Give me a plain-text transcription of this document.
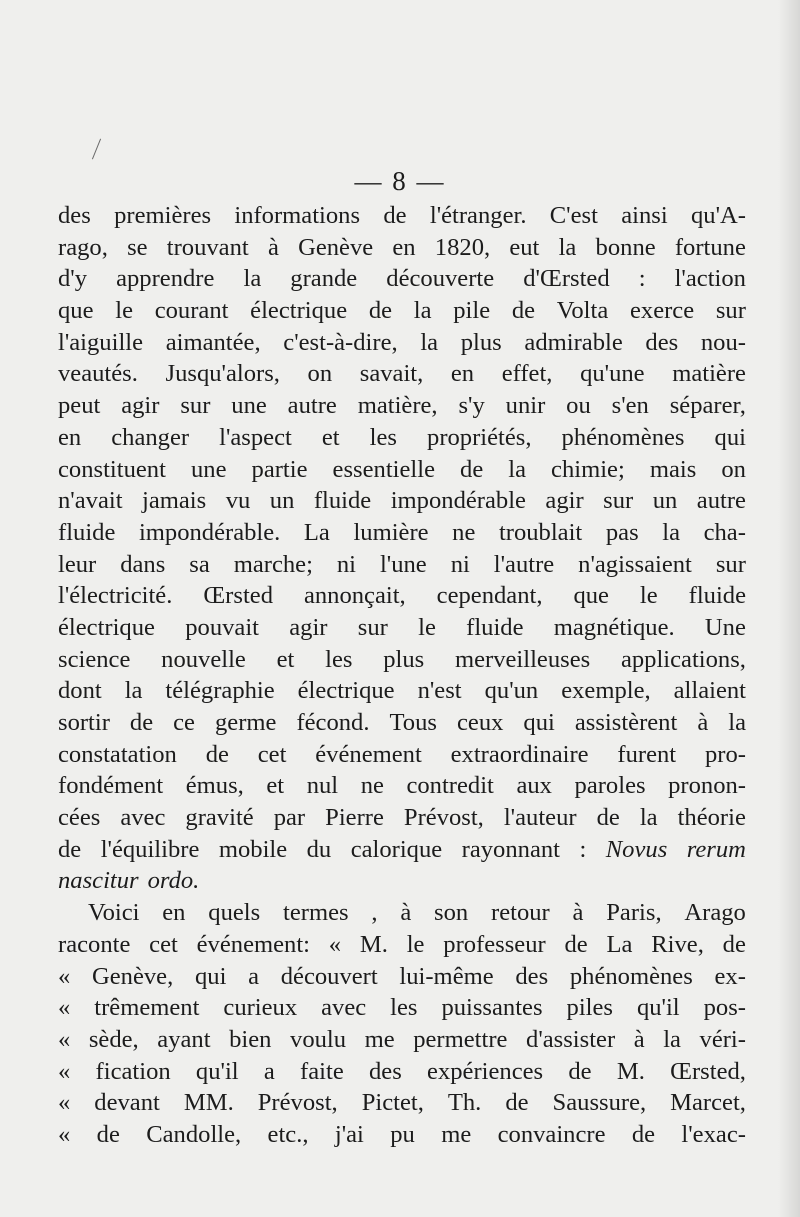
— 8 —
des premières informations de l'étranger. C'est ainsi qu'A-
rago, se trouvant à Genève en 1820, eut la bonne fortune
d'y apprendre la grande découverte d'Œrsted : l'action
que le courant électrique de la pile de Volta exerce sur
l'aiguille aimantée, c'est-à-dire, la plus admirable des nou-
veautés. Jusqu'alors, on savait, en effet, qu'une matière
peut agir sur une autre matière, s'y unir ou s'en séparer,
en changer l'aspect et les propriétés, phénomènes qui
constituent une partie essentielle de la chimie; mais on
n'avait jamais vu un fluide impondérable agir sur un autre
fluide impondérable. La lumière ne troublait pas la cha-
leur dans sa marche; ni l'une ni l'autre n'agissaient sur
l'électricité. Œrsted annonçait, cependant, que le fluide
électrique pouvait agir sur le fluide magnétique. Une
science nouvelle et les plus merveilleuses applications,
dont la télégraphie électrique n'est qu'un exemple, allaient
sortir de ce germe fécond. Tous ceux qui assistèrent à la
constatation de cet événement extraordinaire furent pro-
fondément émus, et nul ne contredit aux paroles pronon-
cées avec gravité par Pierre Prévost, l'auteur de la théorie
de l'équilibre mobile du calorique rayonnant : Novus rerum
nascitur ordo.
Voici en quels termes , à son retour à Paris, Arago
raconte cet événement: « M. le professeur de La Rive, de
« Genève, qui a découvert lui-même des phénomènes ex-
« trêmement curieux avec les puissantes piles qu'il pos-
« sède, ayant bien voulu me permettre d'assister à la véri-
« fication qu'il a faite des expériences de M. Œrsted,
« devant MM. Prévost, Pictet, Th. de Saussure, Marcet,
« de Candolle, etc., j'ai pu me convaincre de l'exac-
